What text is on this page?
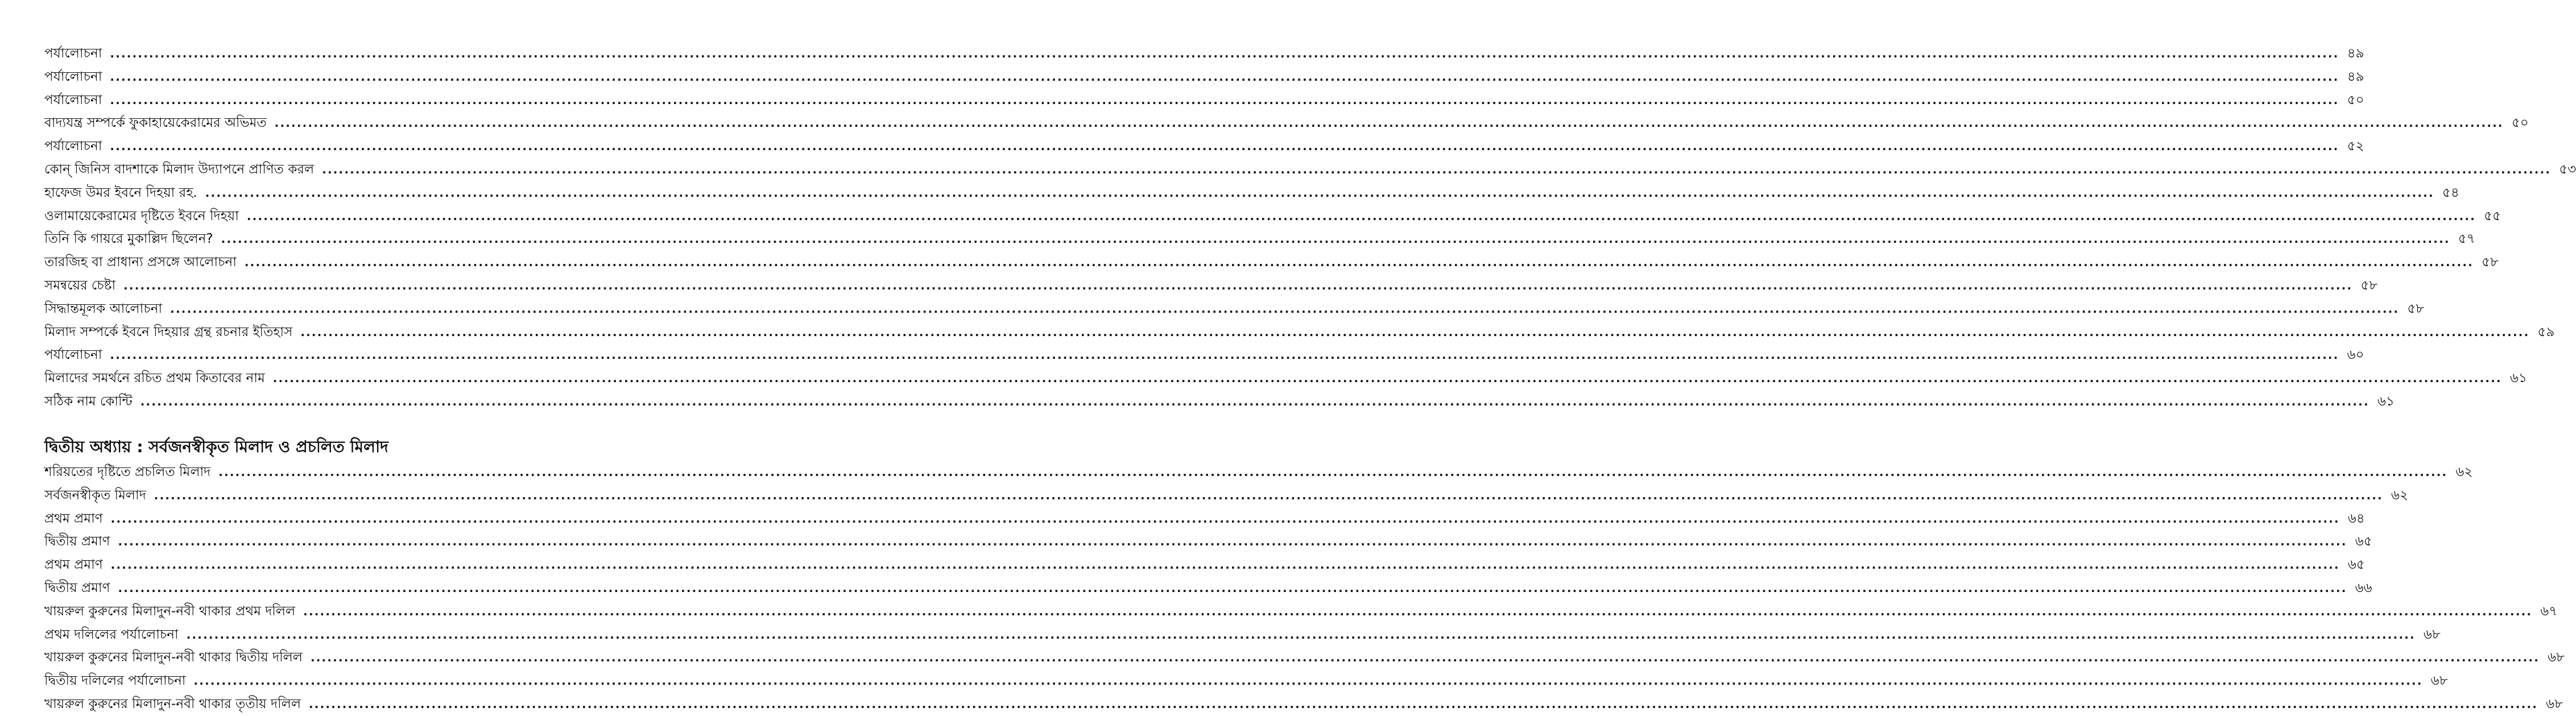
পর্যালোচনা ................................................................................................................................................................................................................................................................................................................................................................................................................ ৪৯
পর্যালোচনা ................................................................................................................................................................................................................................................................................................................................................................................................................ ৪৯
পর্যালোচনা ................................................................................................................................................................................................................................................................................................................................................................................................................ ৫০
বাদ্যযন্ত্র সম্পর্কে ফুকাহায়েকেরামের অভিমত ................................................................................................................................................................................................................................................................................................................................................................................................................ ৫০
পর্যালোচনা ................................................................................................................................................................................................................................................................................................................................................................................................................ ৫২
কোন্ জিনিস বাদশাকে মিলাদ উদ্যাপনে প্রাণিত করল ................................................................................................................................................................................................................................................................................................................................................................................................................ ৫৩
হাফেজ উমর ইবনে দিহয়া রহ. ................................................................................................................................................................................................................................................................................................................................................................................................................ ৫৪
ওলামায়েকেরামের দৃষ্টিতে ইবনে দিহয়া ................................................................................................................................................................................................................................................................................................................................................................................................................ ৫৫
তিনি কি গায়রে মুকাল্লিদ ছিলেন? ................................................................................................................................................................................................................................................................................................................................................................................................................ ৫৭
তারজিহ বা প্রাধান্য প্রসঙ্গে আলোচনা ................................................................................................................................................................................................................................................................................................................................................................................................................ ৫৮
সমন্বয়ের চেষ্টা ................................................................................................................................................................................................................................................................................................................................................................................................................ ৫৮
সিদ্ধান্তমূলক আলোচনা ................................................................................................................................................................................................................................................................................................................................................................................................................ ৫৮
মিলাদ সম্পর্কে ইবনে দিহয়ার গ্রন্থ রচনার ইতিহাস ................................................................................................................................................................................................................................................................................................................................................................................................................ ৫৯
পর্যালোচনা ................................................................................................................................................................................................................................................................................................................................................................................................................ ৬০
মিলাদের সমর্থনে রচিত প্রথম কিতাবের নাম ................................................................................................................................................................................................................................................................................................................................................................................................................ ৬১
সঠিক নাম কোন্টি ................................................................................................................................................................................................................................................................................................................................................................................................................ ৬১
দ্বিতীয় অধ্যায় : সর্বজনস্বীকৃত মিলাদ ও প্রচলিত মিলাদ
শরিয়তের দৃষ্টিতে প্রচলিত মিলাদ ................................................................................................................................................................................................................................................................................................................................................................................................................ ৬২
সর্বজনস্বীকৃত মিলাদ ................................................................................................................................................................................................................................................................................................................................................................................................................ ৬২
প্রথম প্রমাণ ................................................................................................................................................................................................................................................................................................................................................................................................................ ৬৪
দ্বিতীয় প্রমাণ ................................................................................................................................................................................................................................................................................................................................................................................................................ ৬৫
প্রথম প্রমাণ ................................................................................................................................................................................................................................................................................................................................................................................................................ ৬৫
দ্বিতীয় প্রমাণ ................................................................................................................................................................................................................................................................................................................................................................................................................ ৬৬
খায়রুল কুরুনের মিলাদুন-নবী থাকার প্রথম দলিল ................................................................................................................................................................................................................................................................................................................................................................................................................ ৬৭
প্রথম দলিলের পর্যালোচনা ................................................................................................................................................................................................................................................................................................................................................................................................................ ৬৮
খায়রুল কুরুনের মিলাদুন-নবী থাকার দ্বিতীয় দলিল ................................................................................................................................................................................................................................................................................................................................................................................................................ ৬৮
দ্বিতীয় দলিলের পর্যালোচনা ................................................................................................................................................................................................................................................................................................................................................................................................................ ৬৮
খায়রুল কুরুনের মিলাদুন-নবী থাকার তৃতীয় দলিল ................................................................................................................................................................................................................................................................................................................................................................................................................ ৬৮
